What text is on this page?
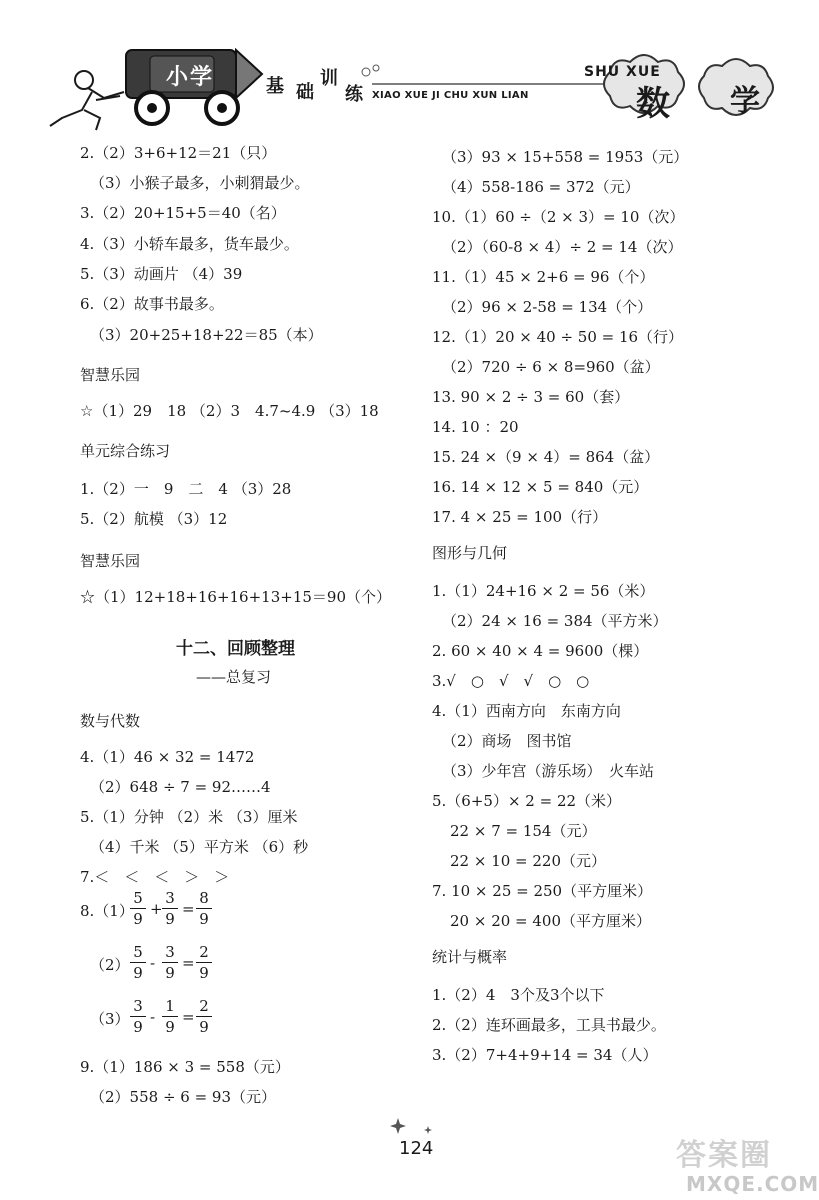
小学	基 础
训
练 XIAO XUE JI CHU XUN LIAN
SHU XUE
数 学
2.（2）3+6+12＝21（只）
（3）小猴子最多，小刺猬最少。
3.（2）20+15+5＝40（名）
4.（3）小轿车最多，货车最少。
5.（3）动画片 （4）39
6.（2）故事书最多。
（3）20+25+18+22＝85（本）
智慧乐园
☆（1）29　18 （2）3　4.7~4.9 （3）18
单元综合练习
1.（2）一　9　二　4 （3）28
5.（2）航模 （3）12
智慧乐园
☆（1）12+18+16+16+13+15＝90（个）
十二、回顾整理
——总复习
数与代数
4.（1）46 × 32 = 1472
（2）648 ÷ 7 = 92……4
5.（1）分钟 （2）米 （3）厘米
（4）千米 （5）平方米 （6）秒
7.＜　＜　＜　＞　＞
8.（1）
$\frac{5}{9} + \frac{3}{9} = \frac{8}{9}$
$(2) \frac{5}{9} - \frac{3}{9} = \frac{2}{9}$
$(3) \frac{3}{9} - \frac{1}{9} = \frac{2}{9}$
9.（1）186 × 3 = 558（元）
（2）558 ÷ 6 = 93（元）
（3）93 × 15+558 = 1953（元）
（4）558-186 = 372（元）
10.（1）60 ÷（2 × 3）= 10（次）
（2）（60-8 × 4）÷ 2 = 14（次）
11.（1）45 × 2+6 = 96（个）
（2）96 × 2-58 = 134（个）
12.（1）20 × 40 ÷ 50 = 16（行）
（2）720 ÷ 6 × 8=960（盆）
13. 90 × 2 ÷ 3 = 60（套）
14. 10 ：20
15. 24 ×（9 × 4）= 864（盆）
16. 14 × 12 × 5 = 840（元）
17. 4 × 25 = 100（行）
图形与几何
1.（1）24+16 × 2 = 56（米）
（2）24 × 16 = 384（平方米）
2. 60 × 40 × 4 = 9600（棵）
3.√　○　√　√　○　○
4.（1）西南方向　东南方向
（2）商场　图书馆
（3）少年宫（游乐场）　火车站
5.（6+5）× 2 = 22（米）
22 × 7 = 154（元）
22 × 10 = 220（元）
7. 10 × 25 = 250（平方厘米）
20 × 20 = 400（平方厘米）
统计与概率
1.（2）4　3个及3个以下
2.（2）连环画最多，工具书最少。
3.（2）7+4+9+14 = 34（人）
124	答案圈
MXQE.COM
